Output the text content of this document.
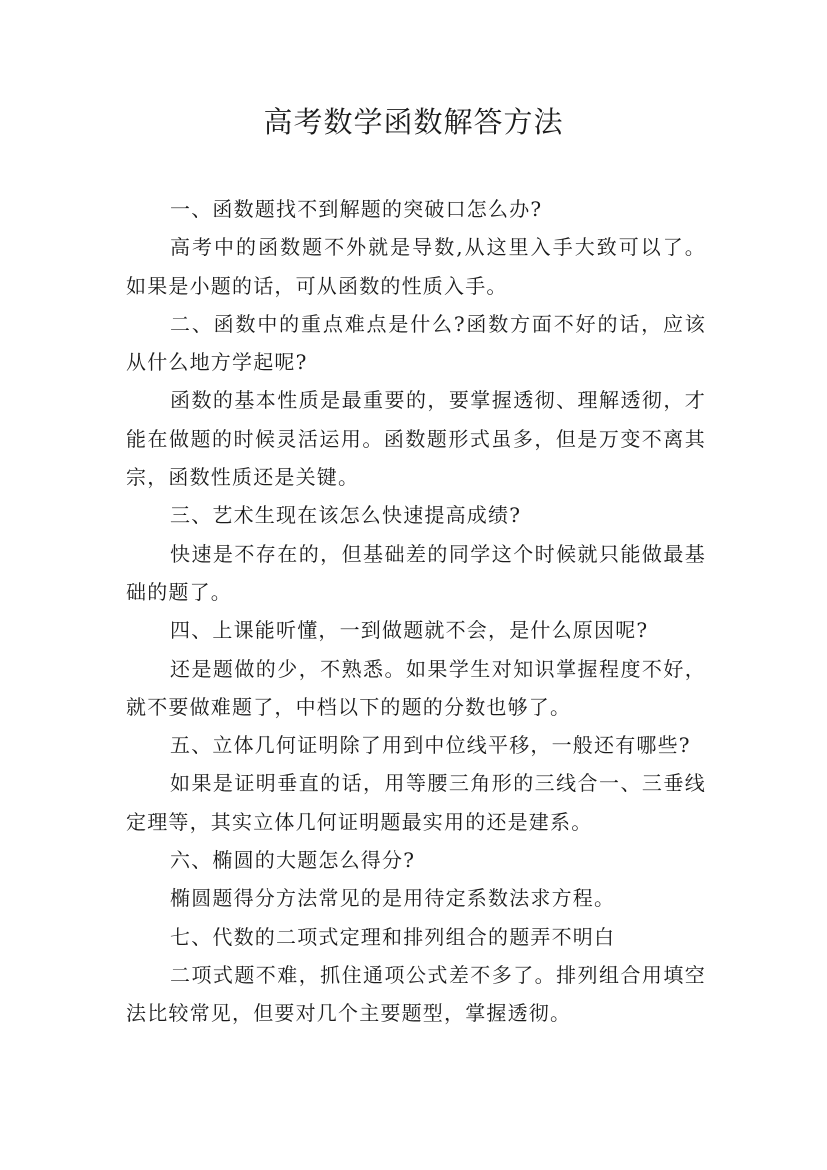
高考数学函数解答方法

一、函数题找不到解题的突破口怎么办?

高考中的函数题不外就是导数,从这里入手大致可以了。如果是小题的话，可从函数的性质入手。

二、函数中的重点难点是什么?函数方面不好的话，应该从什么地方学起呢?

函数的基本性质是最重要的，要掌握透彻、理解透彻，才能在做题的时候灵活运用。函数题形式虽多，但是万变不离其宗，函数性质还是关键。

三、艺术生现在该怎么快速提高成绩?

快速是不存在的，但基础差的同学这个时候就只能做最基础的题了。

四、上课能听懂，一到做题就不会，是什么原因呢?

还是题做的少，不熟悉。如果学生对知识掌握程度不好，就不要做难题了，中档以下的题的分数也够了。

五、立体几何证明除了用到中位线平移，一般还有哪些?

如果是证明垂直的话，用等腰三角形的三线合一、三垂线定理等，其实立体几何证明题最实用的还是建系。

六、椭圆的大题怎么得分?

椭圆题得分方法常见的是用待定系数法求方程。

七、代数的二项式定理和排列组合的题弄不明白

二项式题不难，抓住通项公式差不多了。排列组合用填空法比较常见，但要对几个主要题型，掌握透彻。
